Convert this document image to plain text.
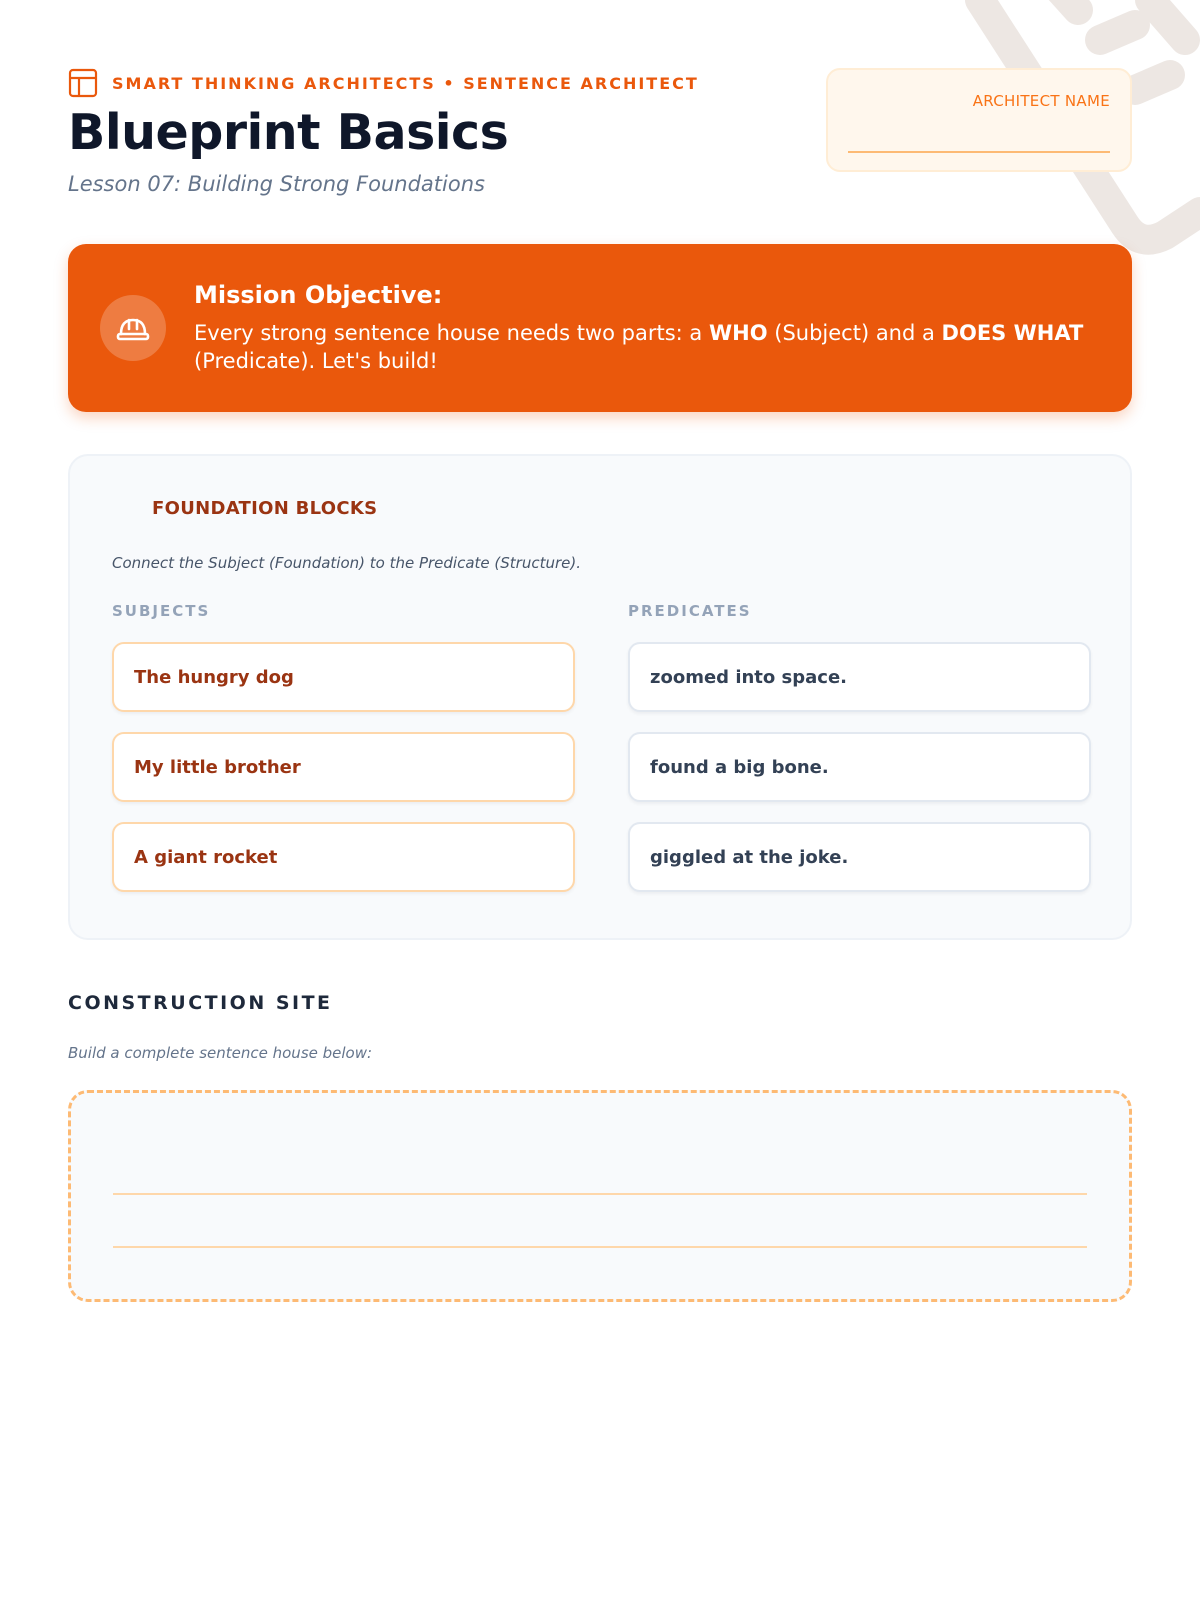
SMART THINKING ARCHITECTS • SENTENCE ARCHITECT
Blueprint Basics

Lesson 07: Building Strong Foundations

ARCHITECT NAME

Mission Objective:

Every strong sentence house needs two parts: a WHO (Subject) and a DOES WHAT (Predicate). Let's build!

FOUNDATION BLOCKS
Connect the Subject (Foundation) to the Predicate (Structure).
SUBJECTS
The hungry dog
My little brother
A giant rocket
PREDICATES
zoomed into space.
found a big bone.
giggled at the joke.
CONSTRUCTION SITE
Build a complete sentence house below:
